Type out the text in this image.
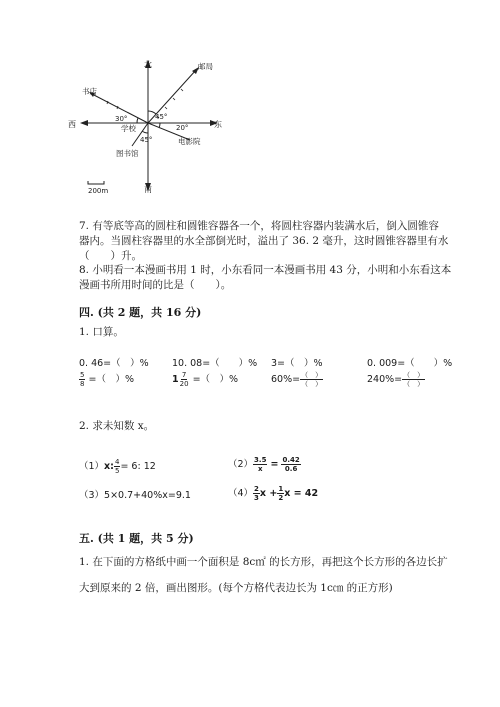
北
南
西	东
邮局
书店
学校
图书馆
电影院
45°
30°
20°
45°
200m
7. 有等底等高的圆柱和圆锥容器各一个，将圆柱容器内装满水后，倒入圆锥容
器内。当圆柱容器里的水全部倒光时，溢出了 36. 2 毫升，这时圆锥容器里有水
（　　）升。
8. 小明看一本漫画书用 1 时，小东看同一本漫画书用 43 分，小明和小东看这本
漫画书所用时间的比是（　　）。
四. (共 2 题，共 16 分)
1. 口算。
0. 46=（　）% 10. 08=（　　）% 3=（　）%	0. 009=（　　）%
$\frac{5}{8}$ =（　）%	$1 \frac{7}{20}$ =（　）%	$60\%= \frac{( )}{( )}$	$240\%= \frac{( )}{( )}$
2. 求未知数 x。
（1）x: $\frac{4}{5} = 6$: 12	$(2) \frac{3.5}{x} = \frac{0.42}{0.6}$
（3）5×0.7+40%x=9.1	$(4) \frac{2}{3}$ $x + \frac{1}{2}$ x = 42
五. (共 1 题，共 5 分)
1. 在下面的方格纸中画一个面积是 8c㎡ 的长方形，再把这个长方形的各边长扩
大到原来的 2 倍，画出图形。(每个方格代表边长为 1c㎝ 的正方形)
